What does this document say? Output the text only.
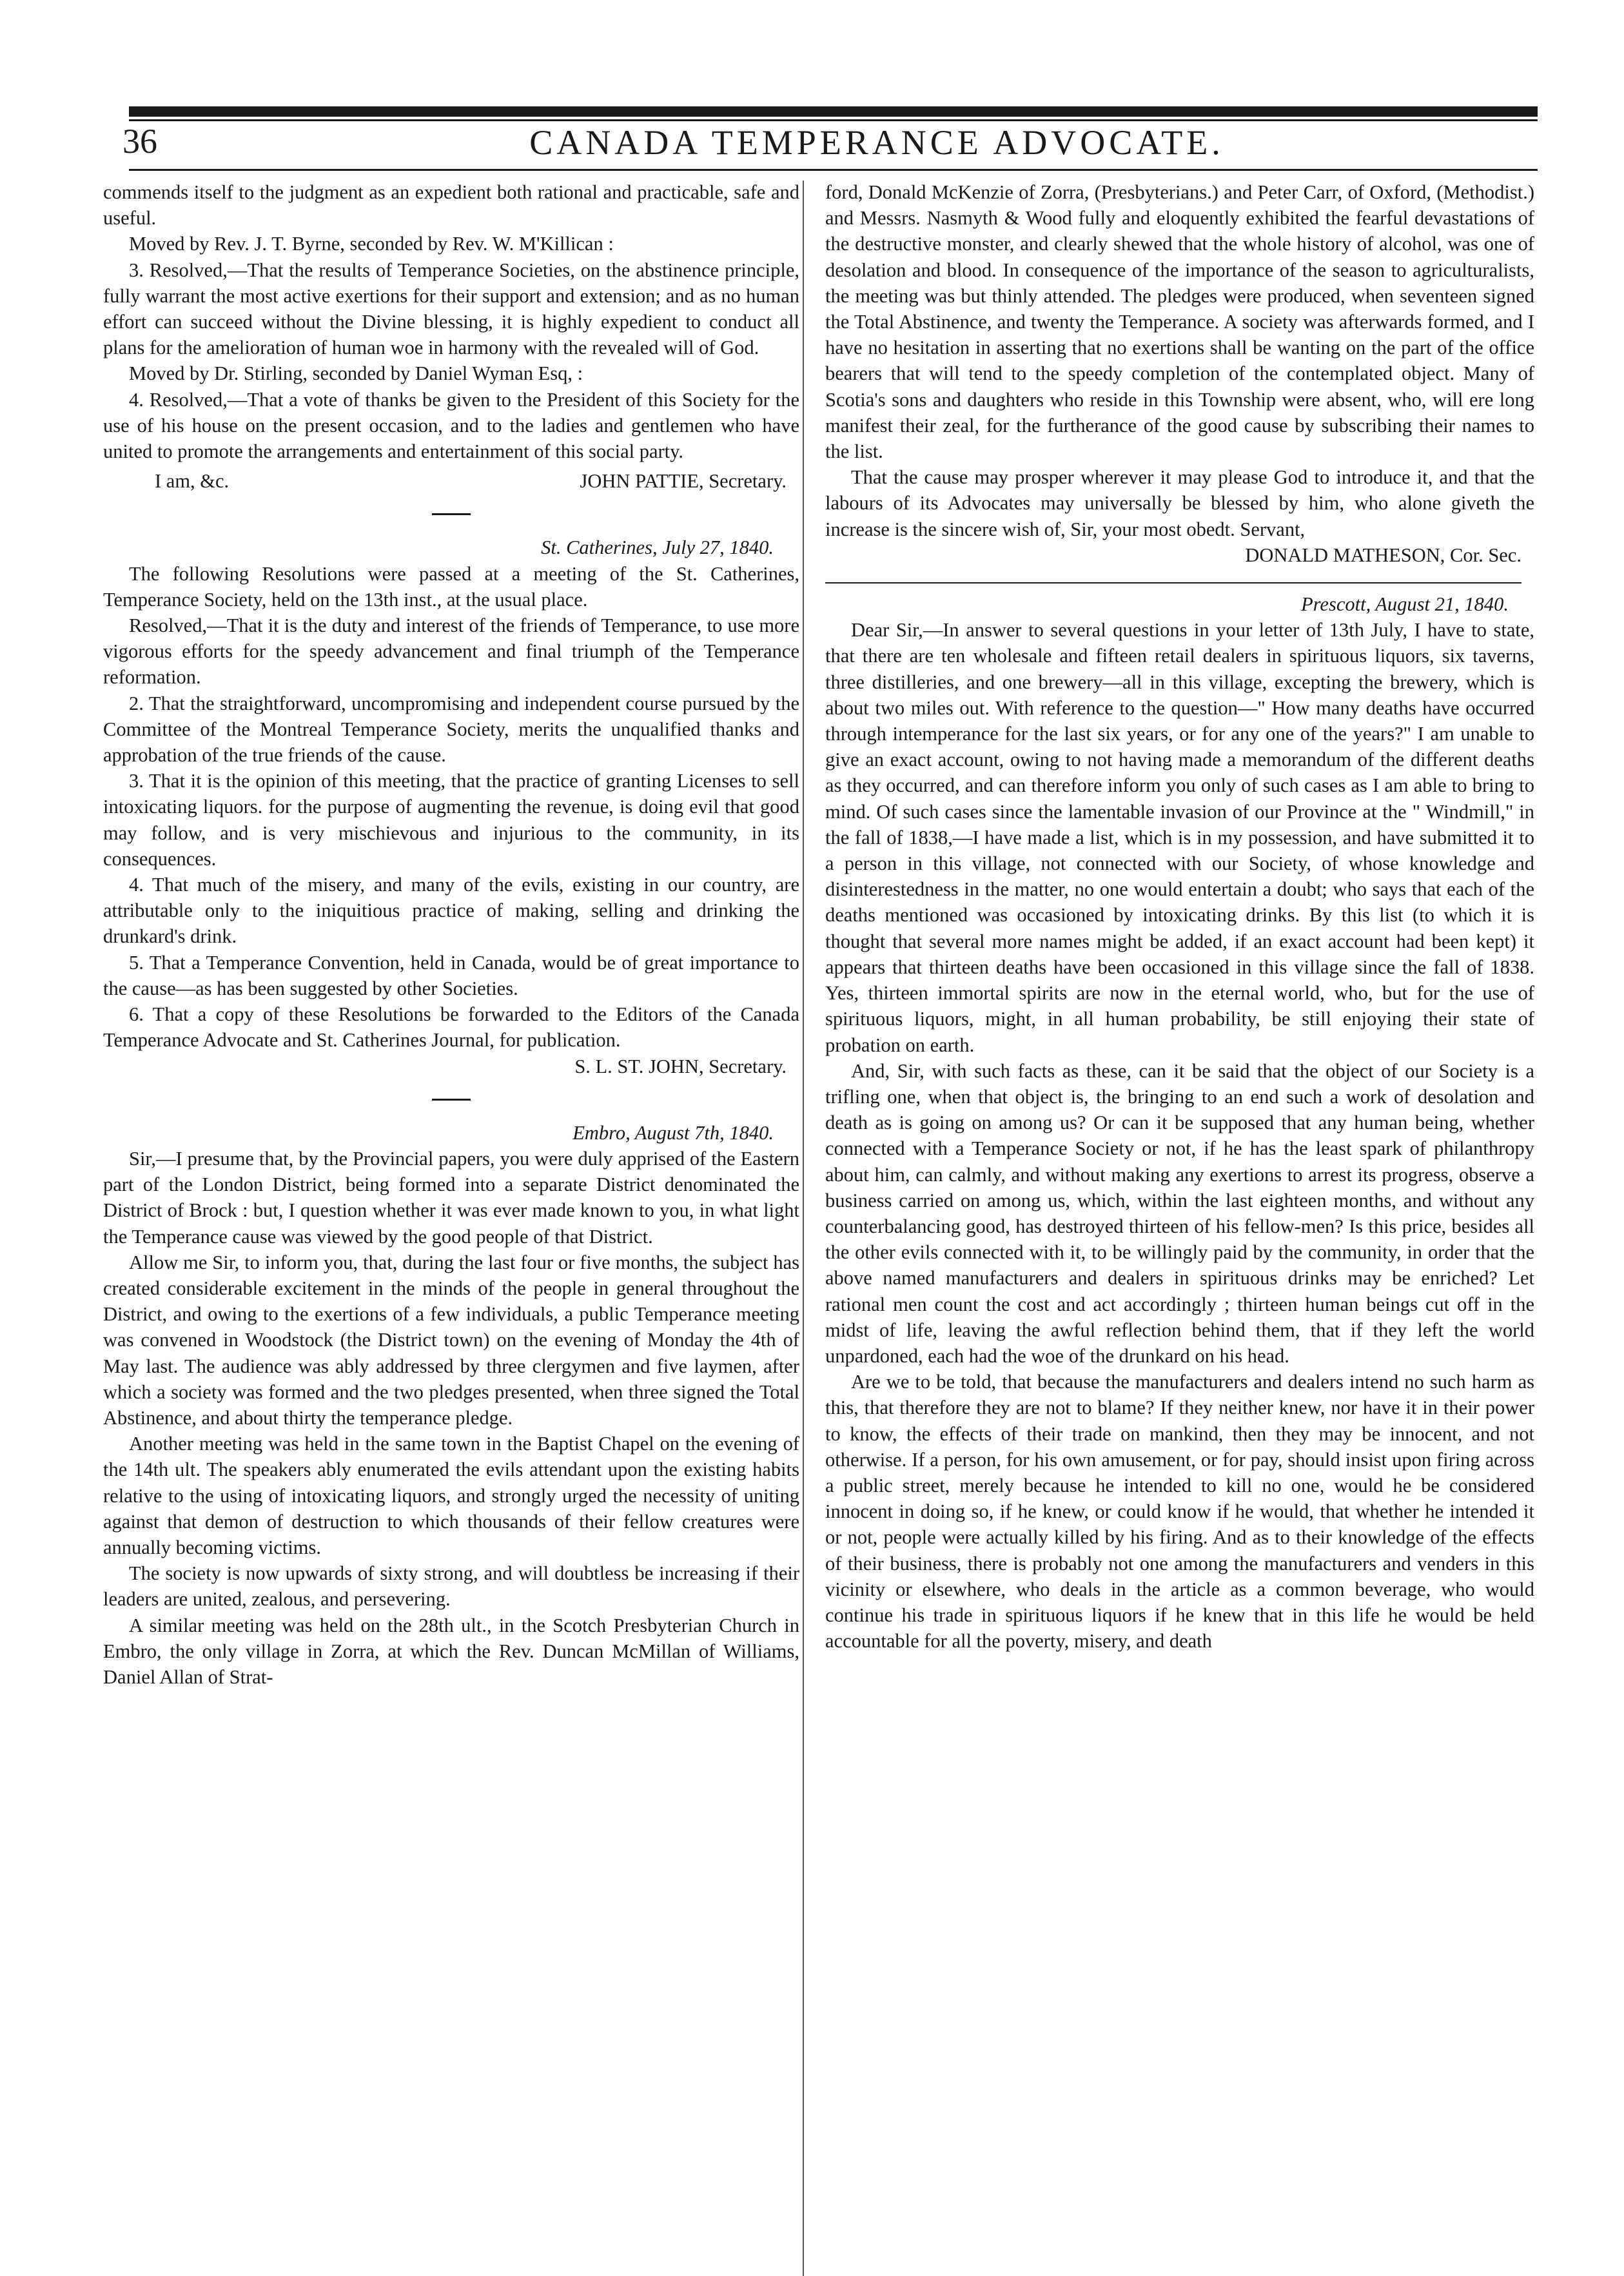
36	CANADA TEMPERANCE ADVOCATE.

commends itself to the judgment as an expedient both rational and practicable, safe and useful.

Moved by Rev. J. T. Byrne, seconded by Rev. W. M'Killican :

3. Resolved,—That the results of Temperance Societies, on the abstinence principle, fully warrant the most active exertions for their support and extension; and as no human effort can succeed without the Divine blessing, it is highly expedient to conduct all plans for the amelioration of human woe in harmony with the revealed will of God.

Moved by Dr. Stirling, seconded by Daniel Wyman Esq, :

4. Resolved,—That a vote of thanks be given to the President of this Society for the use of his house on the present occasion, and to the ladies and gentlemen who have united to promote the arrangements and entertainment of this social party.

I am, &c.	JOHN PATTIE, Secretary.

St. Catherines, July 27, 1840.

The following Resolutions were passed at a meeting of the St. Catherines, Temperance Society, held on the 13th inst., at the usual place.

Resolved,—That it is the duty and interest of the friends of Temperance, to use more vigorous efforts for the speedy advancement and final triumph of the Temperance reformation.

2. That the straightforward, uncompromising and independent course pursued by the Committee of the Montreal Temperance Society, merits the unqualified thanks and approbation of the true friends of the cause.

3. That it is the opinion of this meeting, that the practice of granting Licenses to sell intoxicating liquors. for the purpose of augmenting the revenue, is doing evil that good may follow, and is very mischievous and injurious to the community, in its consequences.

4. That much of the misery, and many of the evils, existing in our country, are attributable only to the iniquitious practice of making, selling and drinking the drunkard's drink.

5. That a Temperance Convention, held in Canada, would be of great importance to the cause—as has been suggested by other Societies.

6. That a copy of these Resolutions be forwarded to the Editors of the Canada Temperance Advocate and St. Catherines Journal, for publication.

S. L. ST. JOHN, Secretary.

Embro, August 7th, 1840.

Sir,—I presume that, by the Provincial papers, you were duly apprised of the Eastern part of the London District, being formed into a separate District denominated the District of Brock : but, I question whether it was ever made known to you, in what light the Temperance cause was viewed by the good people of that District.

Allow me Sir, to inform you, that, during the last four or five months, the subject has created considerable excitement in the minds of the people in general throughout the District, and owing to the exertions of a few individuals, a public Temperance meeting was convened in Woodstock (the District town) on the evening of Monday the 4th of May last. The audience was ably addressed by three clergymen and five laymen, after which a society was formed and the two pledges presented, when three signed the Total Abstinence, and about thirty the temperance pledge.

Another meeting was held in the same town in the Baptist Chapel on the evening of the 14th ult. The speakers ably enumerated the evils attendant upon the existing habits relative to the using of intoxicating liquors, and strongly urged the necessity of uniting against that demon of destruction to which thousands of their fellow creatures were annually becoming victims.

The society is now upwards of sixty strong, and will doubtless be increasing if their leaders are united, zealous, and persevering.

A similar meeting was held on the 28th ult., in the Scotch Presbyterian Church in Embro, the only village in Zorra, at which the Rev. Duncan McMillan of Williams, Daniel Allan of Strat-

ford, Donald McKenzie of Zorra, (Presbyterians.) and Peter Carr, of Oxford, (Methodist.) and Messrs. Nasmyth & Wood fully and eloquently exhibited the fearful devastations of the destructive monster, and clearly shewed that the whole history of alcohol, was one of desolation and blood. In consequence of the importance of the season to agriculturalists, the meeting was but thinly attended. The pledges were produced, when seventeen signed the Total Abstinence, and twenty the Temperance. A society was afterwards formed, and I have no hesitation in asserting that no exertions shall be wanting on the part of the office bearers that will tend to the speedy completion of the contemplated object. Many of Scotia's sons and daughters who reside in this Township were absent, who, will ere long manifest their zeal, for the furtherance of the good cause by subscribing their names to the list.

That the cause may prosper wherever it may please God to introduce it, and that the labours of its Advocates may universally be blessed by him, who alone giveth the increase is the sincere wish of, Sir, your most obedt. Servant,

DONALD MATHESON, Cor. Sec.

Prescott, August 21, 1840.

Dear Sir,—In answer to several questions in your letter of 13th July, I have to state, that there are ten wholesale and fifteen retail dealers in spirituous liquors, six taverns, three distilleries, and one brewery—all in this village, excepting the brewery, which is about two miles out. With reference to the question—" How many deaths have occurred through intemperance for the last six years, or for any one of the years?" I am unable to give an exact account, owing to not having made a memorandum of the different deaths as they occurred, and can therefore inform you only of such cases as I am able to bring to mind. Of such cases since the lamentable invasion of our Province at the " Windmill," in the fall of 1838,—I have made a list, which is in my possession, and have submitted it to a person in this village, not connected with our Society, of whose knowledge and disinterestedness in the matter, no one would entertain a doubt; who says that each of the deaths mentioned was occasioned by intoxicating drinks. By this list (to which it is thought that several more names might be added, if an exact account had been kept) it appears that thirteen deaths have been occasioned in this village since the fall of 1838. Yes, thirteen immortal spirits are now in the eternal world, who, but for the use of spirituous liquors, might, in all human probability, be still enjoying their state of probation on earth.

And, Sir, with such facts as these, can it be said that the object of our Society is a trifling one, when that object is, the bringing to an end such a work of desolation and death as is going on among us? Or can it be supposed that any human being, whether connected with a Temperance Society or not, if he has the least spark of philanthropy about him, can calmly, and without making any exertions to arrest its progress, observe a business carried on among us, which, within the last eighteen months, and without any counterbalancing good, has destroyed thirteen of his fellow-men? Is this price, besides all the other evils connected with it, to be willingly paid by the community, in order that the above named manufacturers and dealers in spirituous drinks may be enriched? Let rational men count the cost and act accordingly ; thirteen human beings cut off in the midst of life, leaving the awful reflection behind them, that if they left the world unpardoned, each had the woe of the drunkard on his head.

Are we to be told, that because the manufacturers and dealers intend no such harm as this, that therefore they are not to blame? If they neither knew, nor have it in their power to know, the effects of their trade on mankind, then they may be innocent, and not otherwise. If a person, for his own amusement, or for pay, should insist upon firing across a public street, merely because he intended to kill no one, would he be considered innocent in doing so, if he knew, or could know if he would, that whether he intended it or not, people were actually killed by his firing. And as to their knowledge of the effects of their business, there is probably not one among the manufacturers and venders in this vicinity or elsewhere, who deals in the article as a common beverage, who would continue his trade in spirituous liquors if he knew that in this life he would be held accountable for all the poverty, misery, and death
